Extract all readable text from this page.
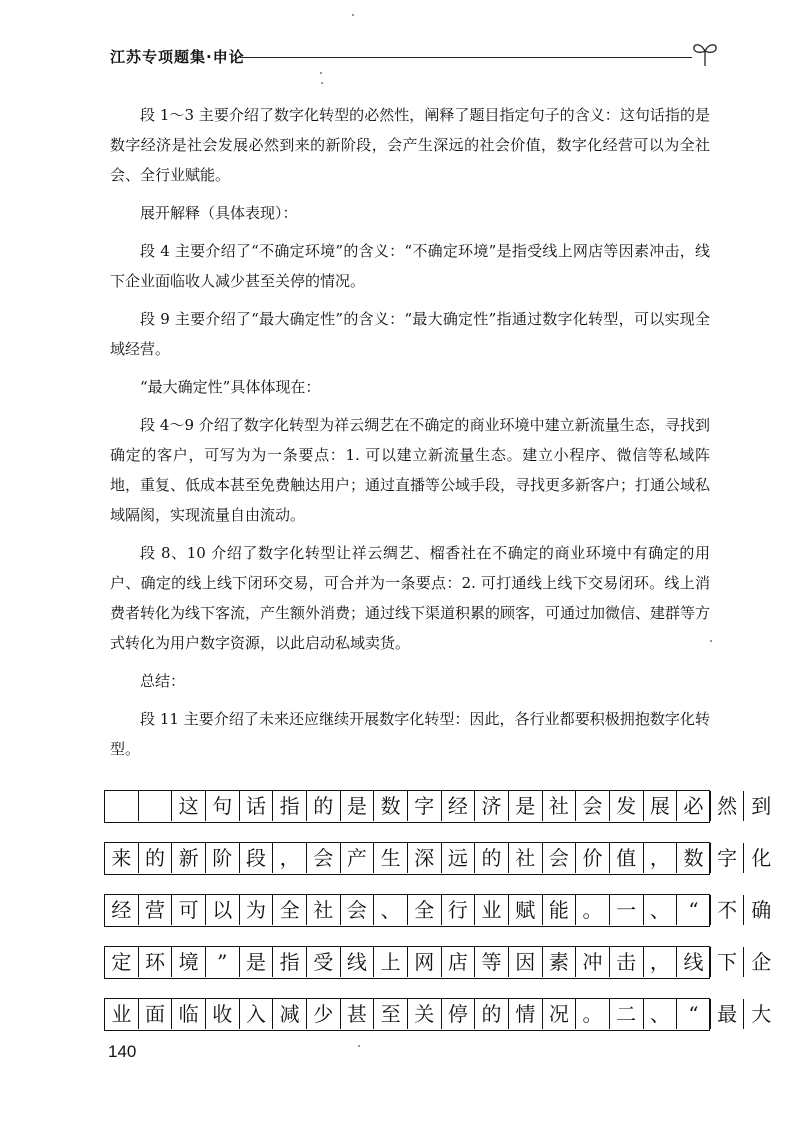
江苏专项题集·申论

段 1～3 主要介绍了数字化转型的必然性，阐释了题目指定句子的含义：这句话指的是数字经济是社会发展必然到来的新阶段，会产生深远的社会价值，数字化经营可以为全社会、全行业赋能。

展开解释（具体表现）：

段 4 主要介绍了“不确定环境”的含义：“不确定环境”是指受线上网店等因素冲击，线下企业面临收人减少甚至关停的情况。

段 9 主要介绍了“最大确定性”的含义：“最大确定性”指通过数字化转型，可以实现全域经营。

“最大确定性”具体体现在：

段 4～9 介绍了数字化转型为祥云绸艺在不确定的商业环境中建立新流量生态，寻找到确定的客户，可写为为一条要点：1. 可以建立新流量生态。建立小程序、微信等私域阵地，重复、低成本甚至免费触达用户；通过直播等公域手段，寻找更多新客户；打通公域私域隔阂，实现流量自由流动。

段 8、10 介绍了数字化转型让祥云绸艺、榴香社在不确定的商业环境中有确定的用户、确定的线上线下闭环交易，可合并为一条要点：2. 可打通线上线下交易闭环。线上消费者转化为线下客流，产生额外消费；通过线下渠道积累的顾客，可通过加微信、建群等方式转化为用户数字资源，以此启动私域卖货。

总结：

段 11 主要介绍了未来还应继续开展数字化转型：因此，各行业都要积极拥抱数字化转型。

这 句 话 指 的 是 数 字 经 济 是 社 会 发 展 必 然 到
来 的 新 阶 段 ， 会 产 生 深 远 的 社 会 价 值 ， 数 字 化
经 营 可 以 为 全 社 会 、 全 行 业 赋 能 。 一 、 “ 不 确
定 环 境 ” 是 指 受 线 上 网 店 等 因 素 冲 击 ， 线 下 企
业 面 临 收 入 减 少 甚 至 关 停 的 情 况 。 二 、 “ 最 大
140
